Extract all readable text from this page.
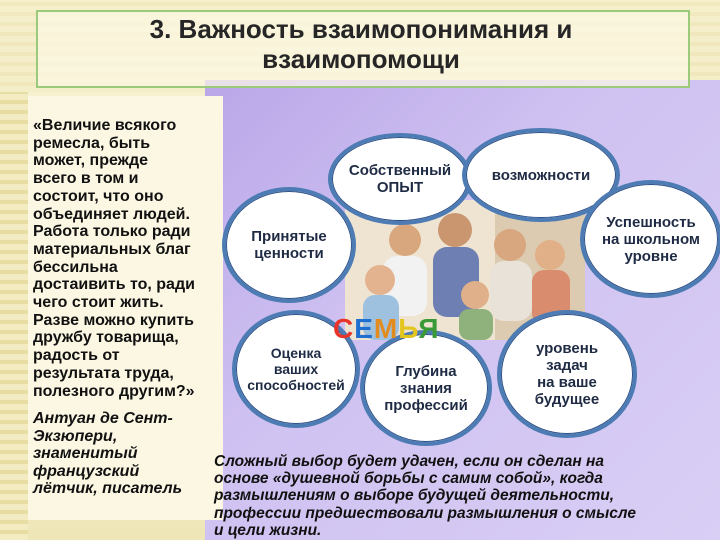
3. Важность взаимопонимания и
взаимопомощи
«Величие всякого
ремесла, быть
может, прежде
всего в том и
состоит, что оно
объединяет людей.
Работа только ради
материальных благ
бессильна
достаивить то, ради
чего стоит жить.
Разве можно купить
дружбу товарища,
радость от
результата труда,
полезного другим?»
Антуан де Сент-
Экзюпери,
знаменитый
французский
лётчик, писатель
Собственный
ОПЫТ
возможности
Принятые
ценности
Успешность
на школьном
уровне
Оценка
ваших
способностей
Глубина
знания
профессий
уровень
задач
на ваше
будущее
СЕМЬЯ
Сложный выбор будет удачен, если он сделан на
основе «душевной борьбы с самим собой», когда
размышлениям о выборе будущей деятельности,
профессии предшествовали размышления о смысле
и цели жизни.
